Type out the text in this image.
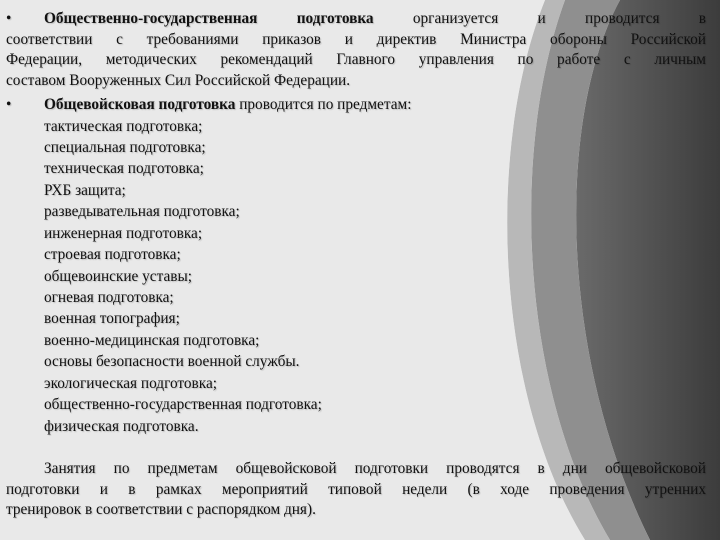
• Общественно-государственная подготовка	организуется и проводится в
соответствии с требованиями приказов и директив Министра обороны Российской
Федерации, методических рекомендаций Главного управления по работе с личным
составом Вооруженных Сил Российской Федерации.
• Общевойсковая подготовка проводится по предметам:
тактическая подготовка;
специальная подготовка;
техническая подготовка;
РХБ защита;
разведывательная подготовка;
инженерная подготовка;
строевая подготовка;
общевоинские уставы;
огневая подготовка;
военная топография;
военно-медицинская подготовка;
основы безопасности военной службы.
экологическая подготовка;
общественно-государственная подготовка;
физическая подготовка.
Занятия по предметам общевойсковой подготовки проводятся в дни общевойсковой
подготовки и в рамках мероприятий типовой недели (в ходе проведения утренних
тренировок в соответствии с распорядком дня).
